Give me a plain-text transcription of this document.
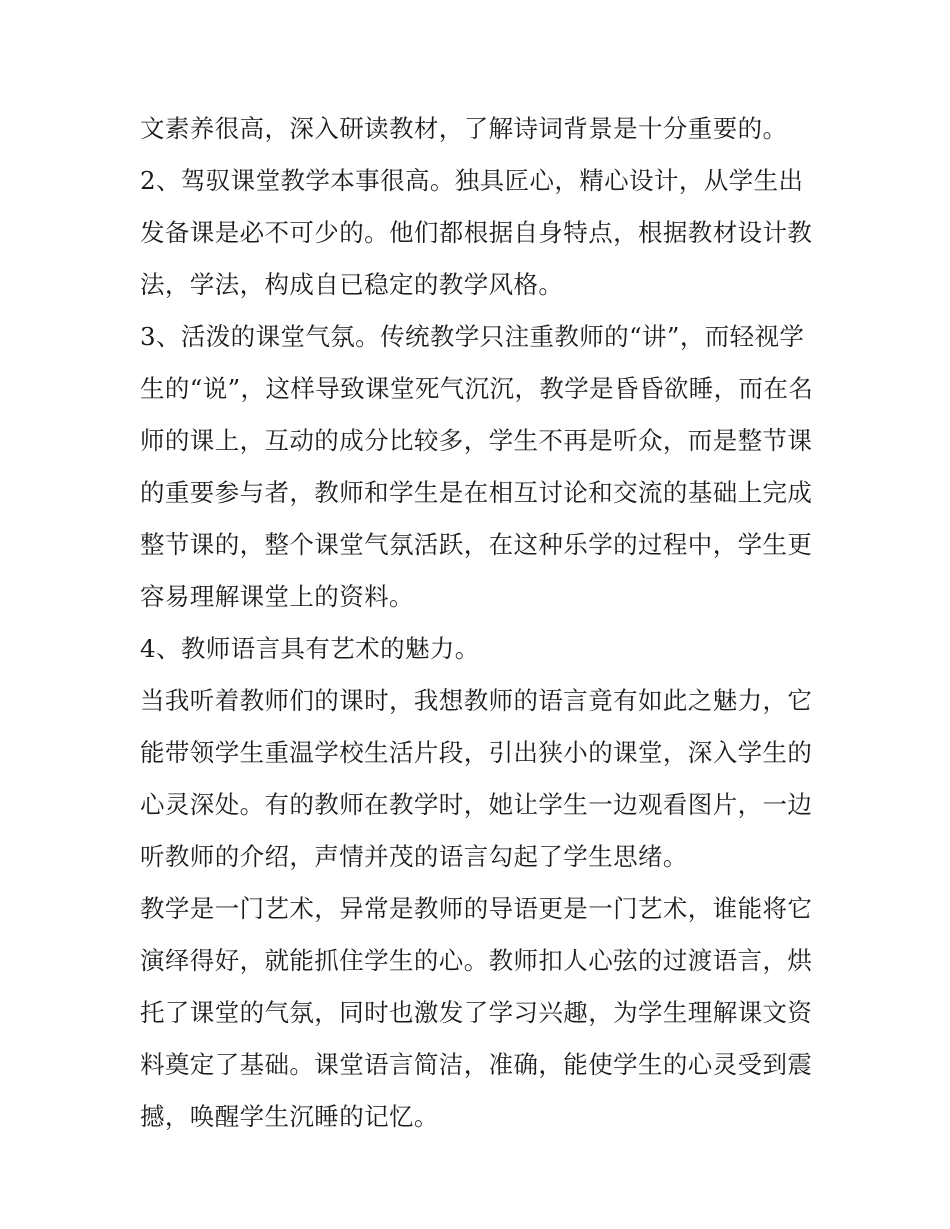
文素养很高，深入研读教材，了解诗词背景是十分重要的。
2、驾驭课堂教学本事很高。独具匠心，精心设计，从学生出
发备课是必不可少的。他们都根据自身特点，根据教材设计教
法，学法，构成自已稳定的教学风格。
3、活泼的课堂气氛。传统教学只注重教师的“讲”，而轻视学
生的“说”，这样导致课堂死气沉沉，教学是昏昏欲睡，而在名
师的课上，互动的成分比较多，学生不再是听众，而是整节课
的重要参与者，教师和学生是在相互讨论和交流的基础上完成
整节课的，整个课堂气氛活跃，在这种乐学的过程中，学生更
容易理解课堂上的资料。
4、教师语言具有艺术的魅力。
当我听着教师们的课时，我想教师的语言竟有如此之魅力，它
能带领学生重温学校生活片段，引出狭小的课堂，深入学生的
心灵深处。有的教师在教学时，她让学生一边观看图片，一边
听教师的介绍，声情并茂的语言勾起了学生思绪。
教学是一门艺术，异常是教师的导语更是一门艺术，谁能将它
演绎得好，就能抓住学生的心。教师扣人心弦的过渡语言，烘
托了课堂的气氛，同时也激发了学习兴趣，为学生理解课文资
料奠定了基础。课堂语言简洁，准确，能使学生的心灵受到震
撼，唤醒学生沉睡的记忆。
